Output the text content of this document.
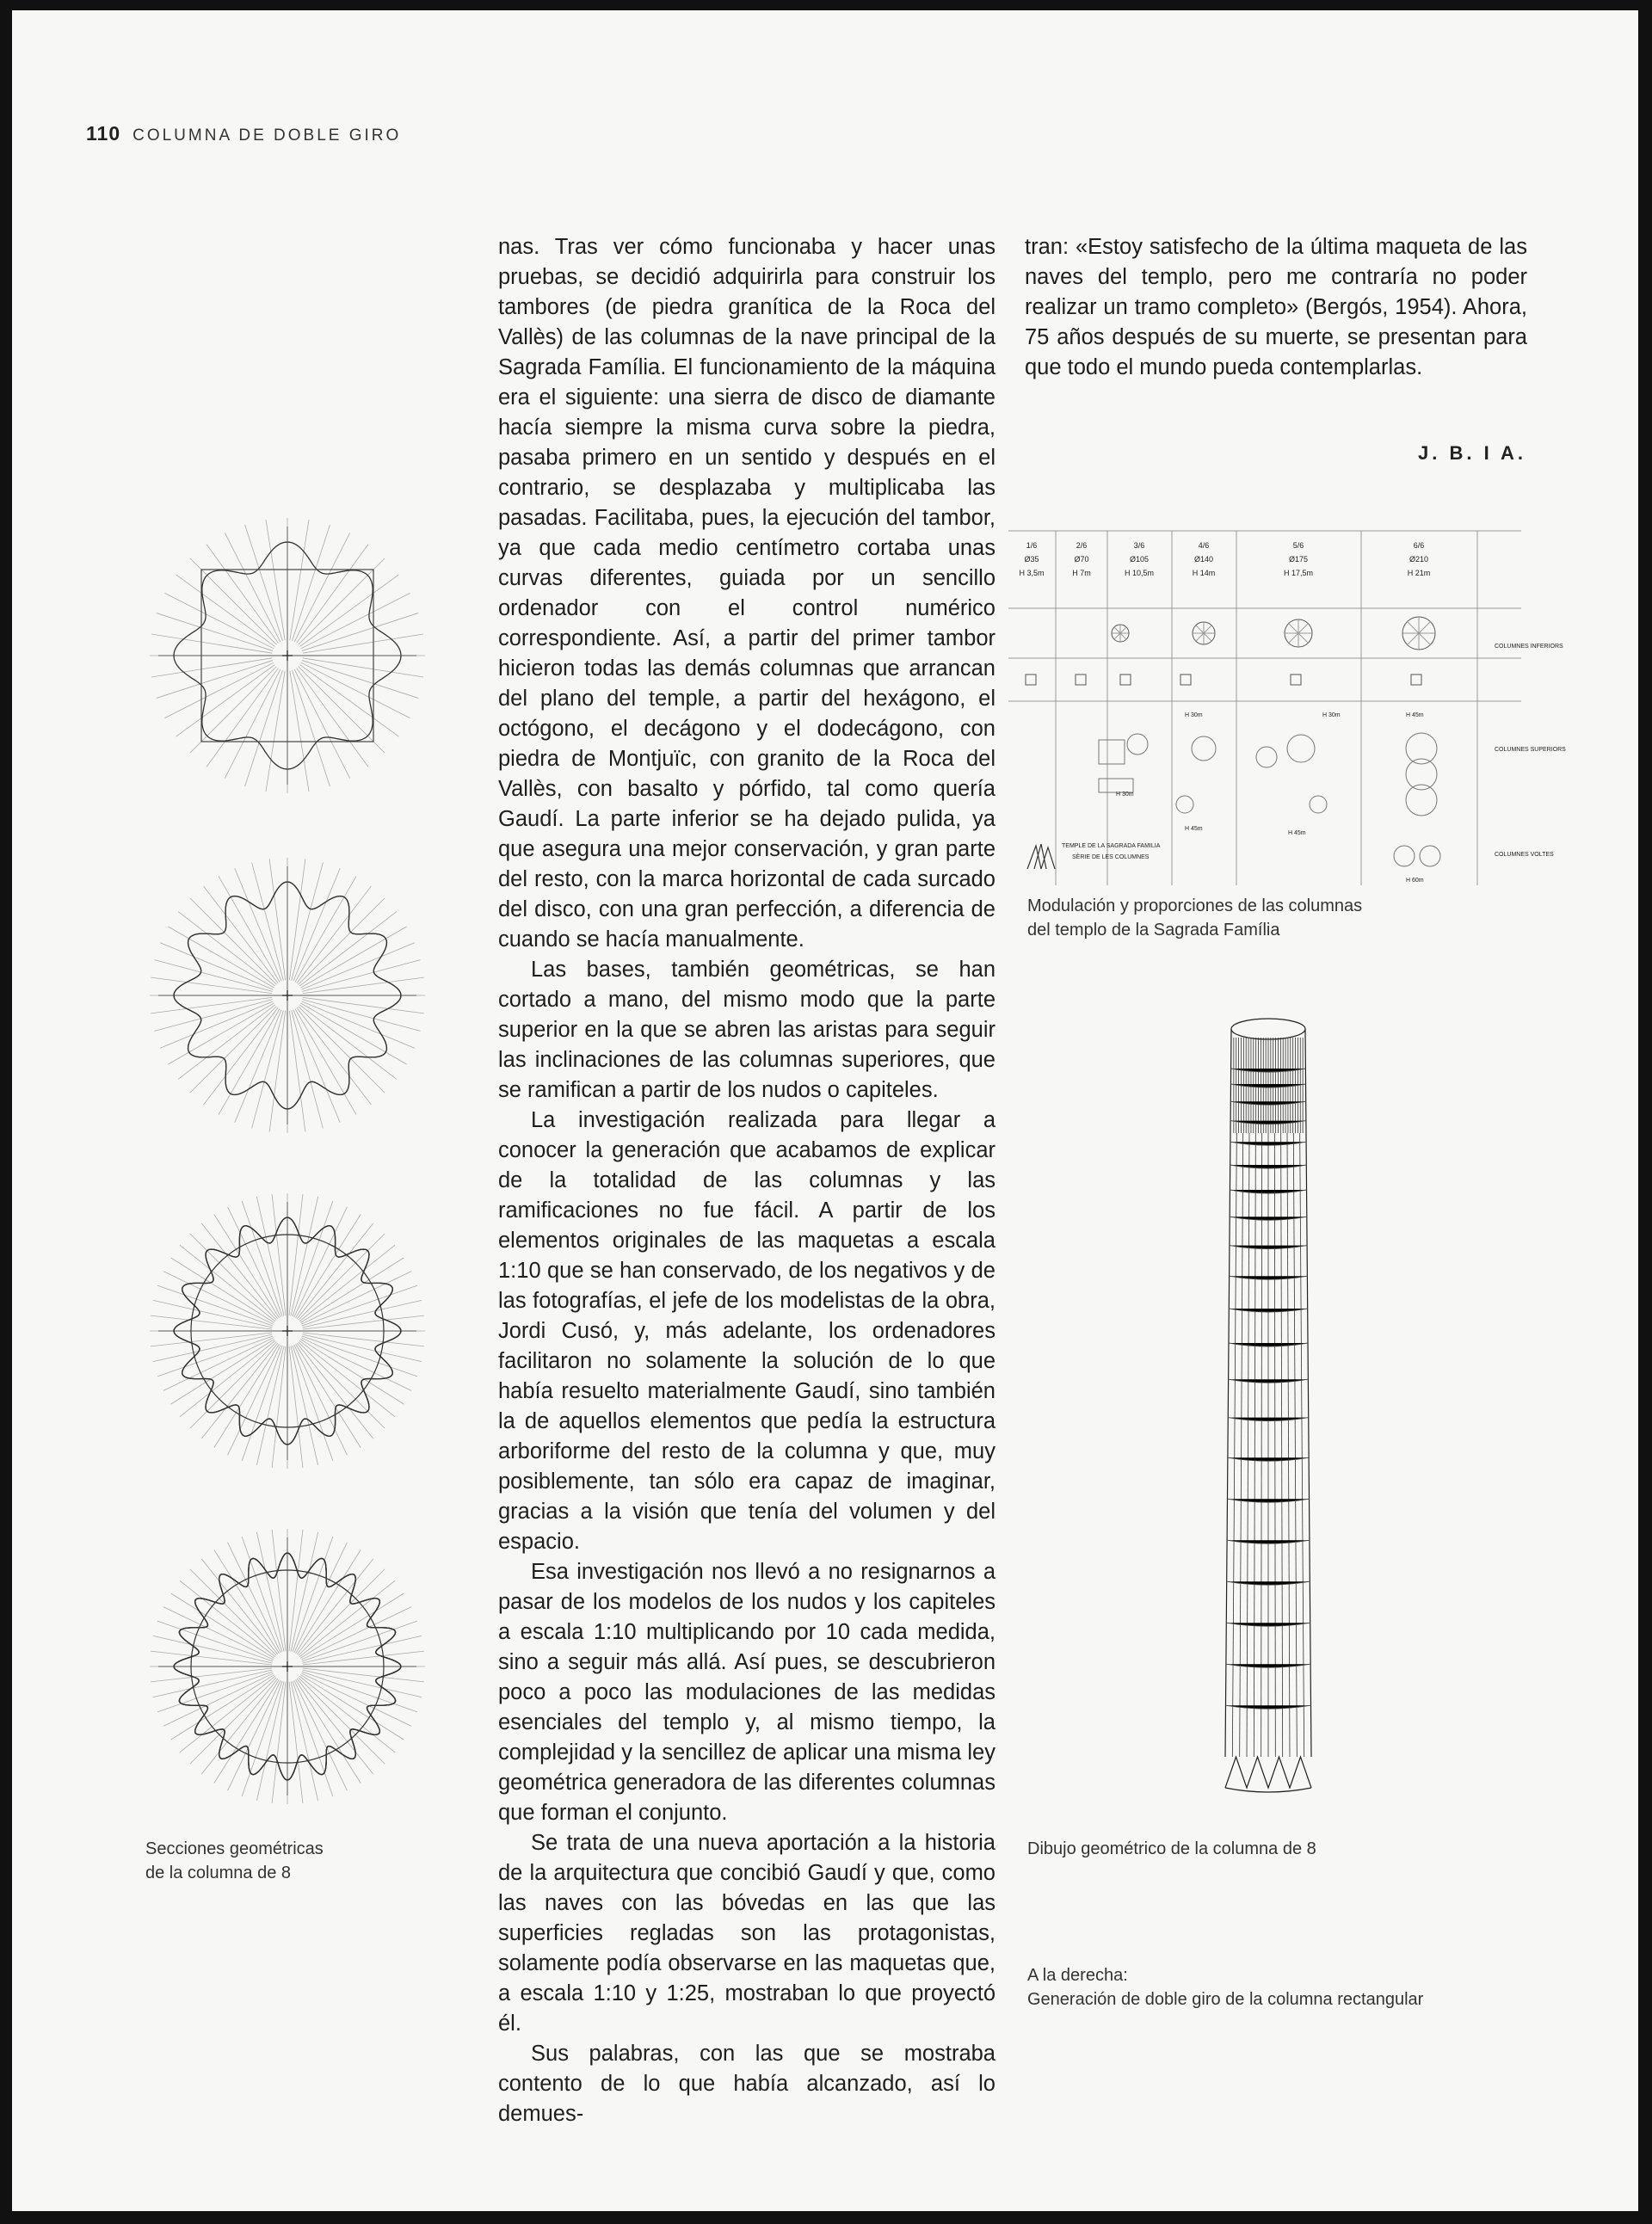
110 COLUMNA DE DOBLE GIRO
Secciones geométricas
de la columna de 8

nas. Tras ver cómo funcionaba y hacer unas pruebas, se decidió adquirirla para construir los tambores (de piedra granítica de la Roca del Vallès) de las columnas de la nave principal de la Sagrada Família. El funcionamiento de la máquina era el siguiente: una sierra de disco de diamante hacía siempre la misma curva sobre la piedra, pasaba primero en un sentido y después en el contrario, se desplazaba y multiplicaba las pasadas. Facilitaba, pues, la ejecución del tambor, ya que cada medio centímetro cortaba unas curvas diferentes, guiada por un sencillo ordenador con el control numérico correspondiente. Así, a partir del primer tambor hicieron todas las demás columnas que arrancan del plano del temple, a partir del hexágono, el octógono, el decágono y el dodecágono, con piedra de Montjuïc, con granito de la Roca del Vallès, con basalto y pórfido, tal como quería Gaudí. La parte inferior se ha dejado pulida, ya que asegura una mejor conservación, y gran parte del resto, con la marca horizontal de cada surcado del disco, con una gran perfección, a diferencia de cuando se hacía manualmente.

Las bases, también geométricas, se han cortado a mano, del mismo modo que la parte superior en la que se abren las aristas para seguir las inclinaciones de las columnas superiores, que se ramifican a partir de los nudos o capiteles.

La investigación realizada para llegar a conocer la generación que acabamos de explicar de la totalidad de las columnas y las ramificaciones no fue fácil. A partir de los elementos originales de las maquetas a escala 1:10 que se han conservado, de los negativos y de las fotografías, el jefe de los modelistas de la obra, Jordi Cusó, y, más adelante, los ordenadores facilitaron no solamente la solución de lo que había resuelto materialmente Gaudí, sino también la de aquellos elementos que pedía la estructura arboriforme del resto de la columna y que, muy posiblemente, tan sólo era capaz de imaginar, gracias a la visión que tenía del volumen y del espacio.

Esa investigación nos llevó a no resignarnos a pasar de los modelos de los nudos y los capiteles a escala 1:10 multiplicando por 10 cada medida, sino a seguir más allá. Así pues, se descubrieron poco a poco las modulaciones de las medidas esenciales del templo y, al mismo tiempo, la complejidad y la sencillez de aplicar una misma ley geométrica generadora de las diferentes columnas que forman el conjunto.

Se trata de una nueva aportación a la historia de la arquitectura que concibió Gaudí y que, como las naves con las bóvedas en las que las superficies regladas son las protagonistas, solamente podía observarse en las maquetas que, a escala 1:10 y 1:25, mostraban lo que proyectó él.

Sus palabras, con las que se mostraba contento de lo que había alcanzado, así lo demues-

tran: «Estoy satisfecho de la última maqueta de las naves del templo, pero me contraría no poder realizar un tramo completo» (Bergós, 1954). Ahora, 75 años después de su muerte, se presentan para que todo el mundo pueda contemplarlas.

J. B. I A.
1/6
Ø35
H 3,5m
2/6
Ø70
H 7m
3/6
Ø105
H 10,5m
4/6
Ø140
H 14m
5/6
Ø175
H 17,5m
6/6
Ø210
H 21m
COLUMNES INFERIORS
COLUMNES SUPERIORS
COLUMNES VOLTES
H 30m	H 30m	H 45m
H 30m
H 45m
H 45m
H 60m
TEMPLE DE LA SAGRADA FAMILIA
SÈRIE DE LES COLUMNES
Modulación y proporciones de las columnas
del templo de la Sagrada Família
Dibujo geométrico de la columna de 8
A la derecha:
Generación de doble giro de la columna rectangular
